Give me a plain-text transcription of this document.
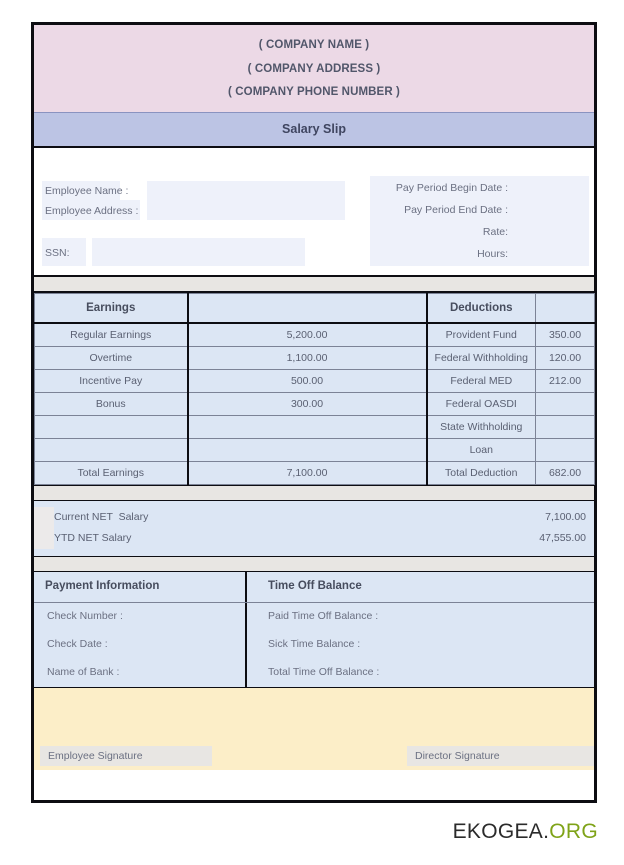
( COMPANY NAME )
( COMPANY ADDRESS )
( COMPANY PHONE NUMBER )
Salary Slip
Employee Name :
Employee Address :
SSN:
Pay Period Begin Date :
Pay Period End Date :
Rate:
Hours:
Earnings		Deductions	
Regular Earnings	5,200.00	Provident Fund	350.00
Overtime	1,100.00	Federal Withholding	120.00
Incentive Pay	500.00	Federal MED	212.00
Bonus	300.00	Federal OASDI	
		State Withholding	
		Loan	
Total Earnings	7,100.00	Total Deduction	682.00
Current NET  Salary	7,100.00
YTD NET Salary	47,555.00
Payment Information	Time Off Balance
Check Number :
Check Date :
Name of Bank :
Paid Time Off Balance :
Sick Time Balance :
Total Time Off Balance :
Employee Signature	Director Signature
EKOGEA.ORG
